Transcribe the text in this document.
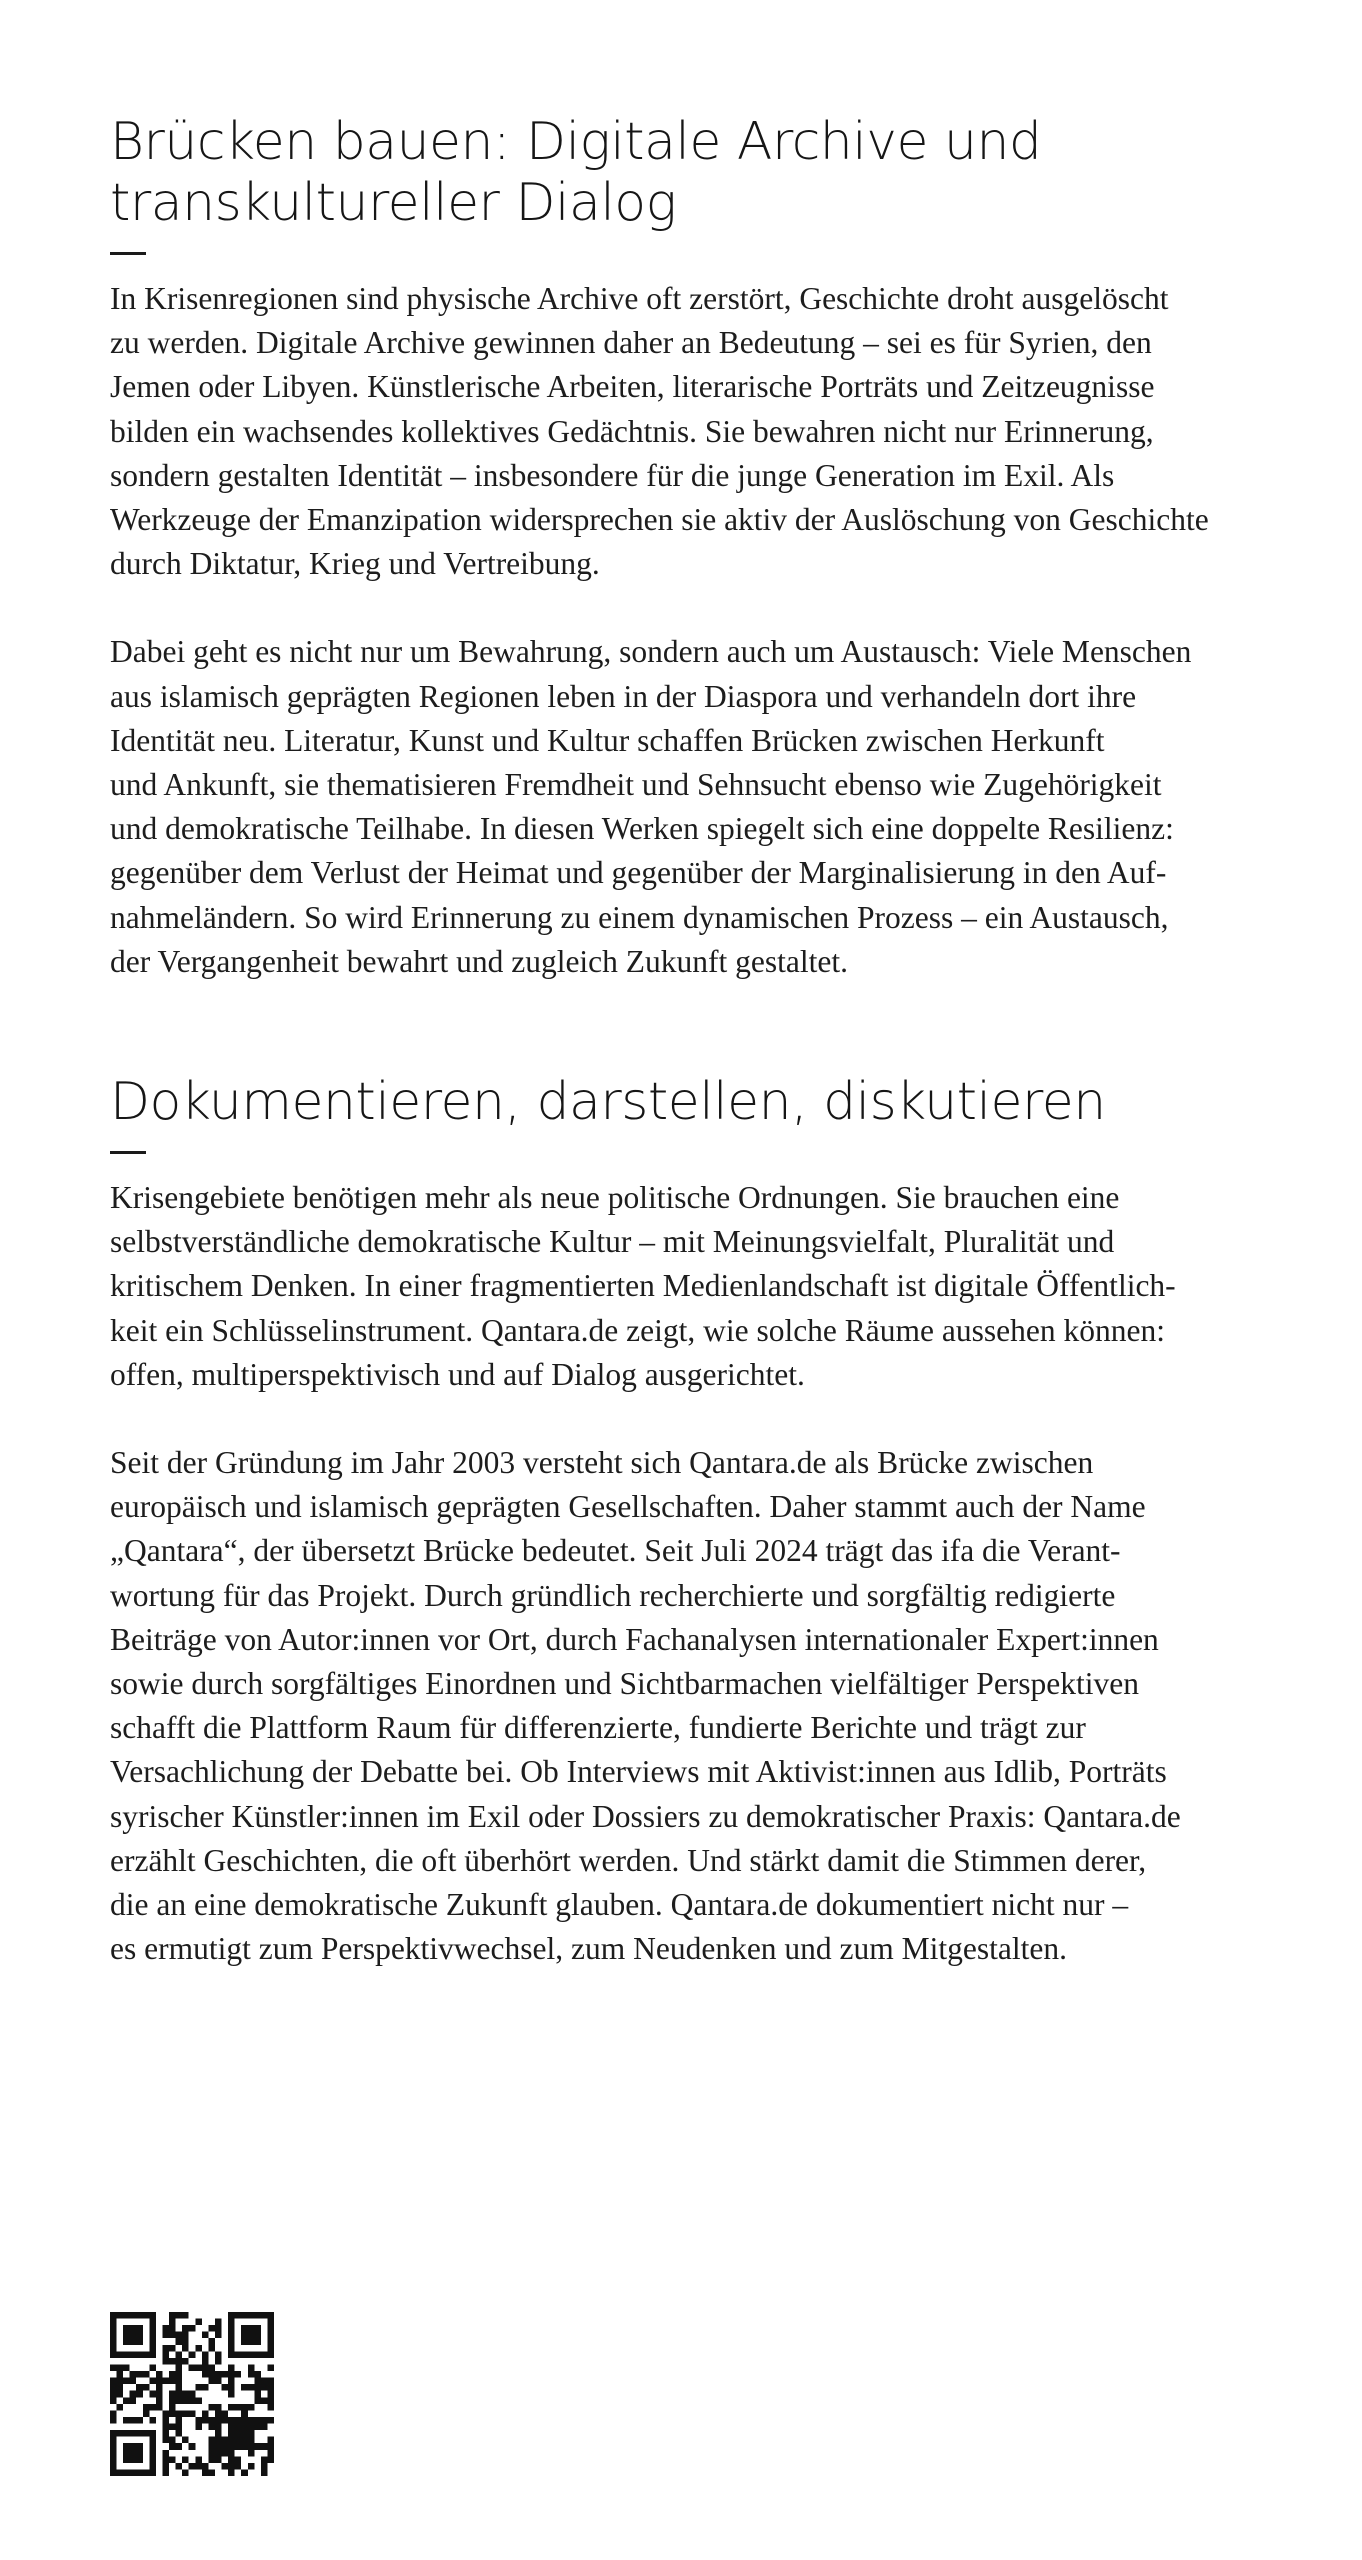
Brücken bauen: Digitale Archive und
transkultureller Dialog

In Krisenregionen sind physische Archive oft zerstört, Geschichte droht ausgelöscht
zu werden. Digitale Archive gewinnen daher an Bedeutung – sei es für Syrien, den
Jemen oder Libyen. Künstlerische Arbeiten, literarische Porträts und Zeitzeugnisse
bilden ein wachsendes kollektives Gedächtnis. Sie bewahren nicht nur Erinnerung,
sondern gestalten Identität – insbesondere für die junge Generation im Exil. Als
Werkzeuge der Emanzipation widersprechen sie aktiv der Auslöschung von Geschichte
durch Diktatur, Krieg und Vertreibung.

Dabei geht es nicht nur um Bewahrung, sondern auch um Austausch: Viele Menschen
aus islamisch geprägten Regionen leben in der Diaspora und verhandeln dort ihre
Identität neu. Literatur, Kunst und Kultur schaffen Brücken zwischen Herkunft
und Ankunft, sie thematisieren Fremdheit und Sehnsucht ebenso wie Zugehörigkeit
und demokratische Teilhabe. In diesen Werken spiegelt sich eine doppelte Resilienz:
gegenüber dem Verlust der Heimat und gegenüber der Marginalisierung in den Auf-
nahmeländern. So wird Erinnerung zu einem dynamischen Prozess – ein Austausch,
der Vergangenheit bewahrt und zugleich Zukunft gestaltet.

Dokumentieren, darstellen, diskutieren

Krisengebiete benötigen mehr als neue politische Ordnungen. Sie brauchen eine
selbstverständliche demokratische Kultur – mit Meinungsvielfalt, Pluralität und
kritischem Denken. In einer fragmentierten Medienlandschaft ist digitale Öffentlich-
keit ein Schlüsselinstrument. Qantara.de zeigt, wie solche Räume aussehen können:
offen, multiperspektivisch und auf Dialog ausgerichtet.

Seit der Gründung im Jahr 2003 versteht sich Qantara.de als Brücke zwischen
europäisch und islamisch geprägten Gesellschaften. Daher stammt auch der Name
„Qantara“, der übersetzt Brücke bedeutet. Seit Juli 2024 trägt das ifa die Verant-
wortung für das Projekt. Durch gründlich recherchierte und sorgfältig redigierte
Beiträge von Autor:innen vor Ort, durch Fachanalysen internationaler Expert:innen
sowie durch sorgfältiges Einordnen und Sichtbarmachen vielfältiger Perspektiven
schafft die Plattform Raum für differenzierte, fundierte Berichte und trägt zur
Versachlichung der Debatte bei. Ob Interviews mit Aktivist:innen aus Idlib, Porträts
syrischer Künstler:innen im Exil oder Dossiers zu demokratischer Praxis: Qantara.de
erzählt Geschichten, die oft überhört werden. Und stärkt damit die Stimmen derer,
die an eine demokratische Zukunft glauben. Qantara.de dokumentiert nicht nur –
es ermutigt zum Perspektivwechsel, zum Neudenken und zum Mitgestalten.
